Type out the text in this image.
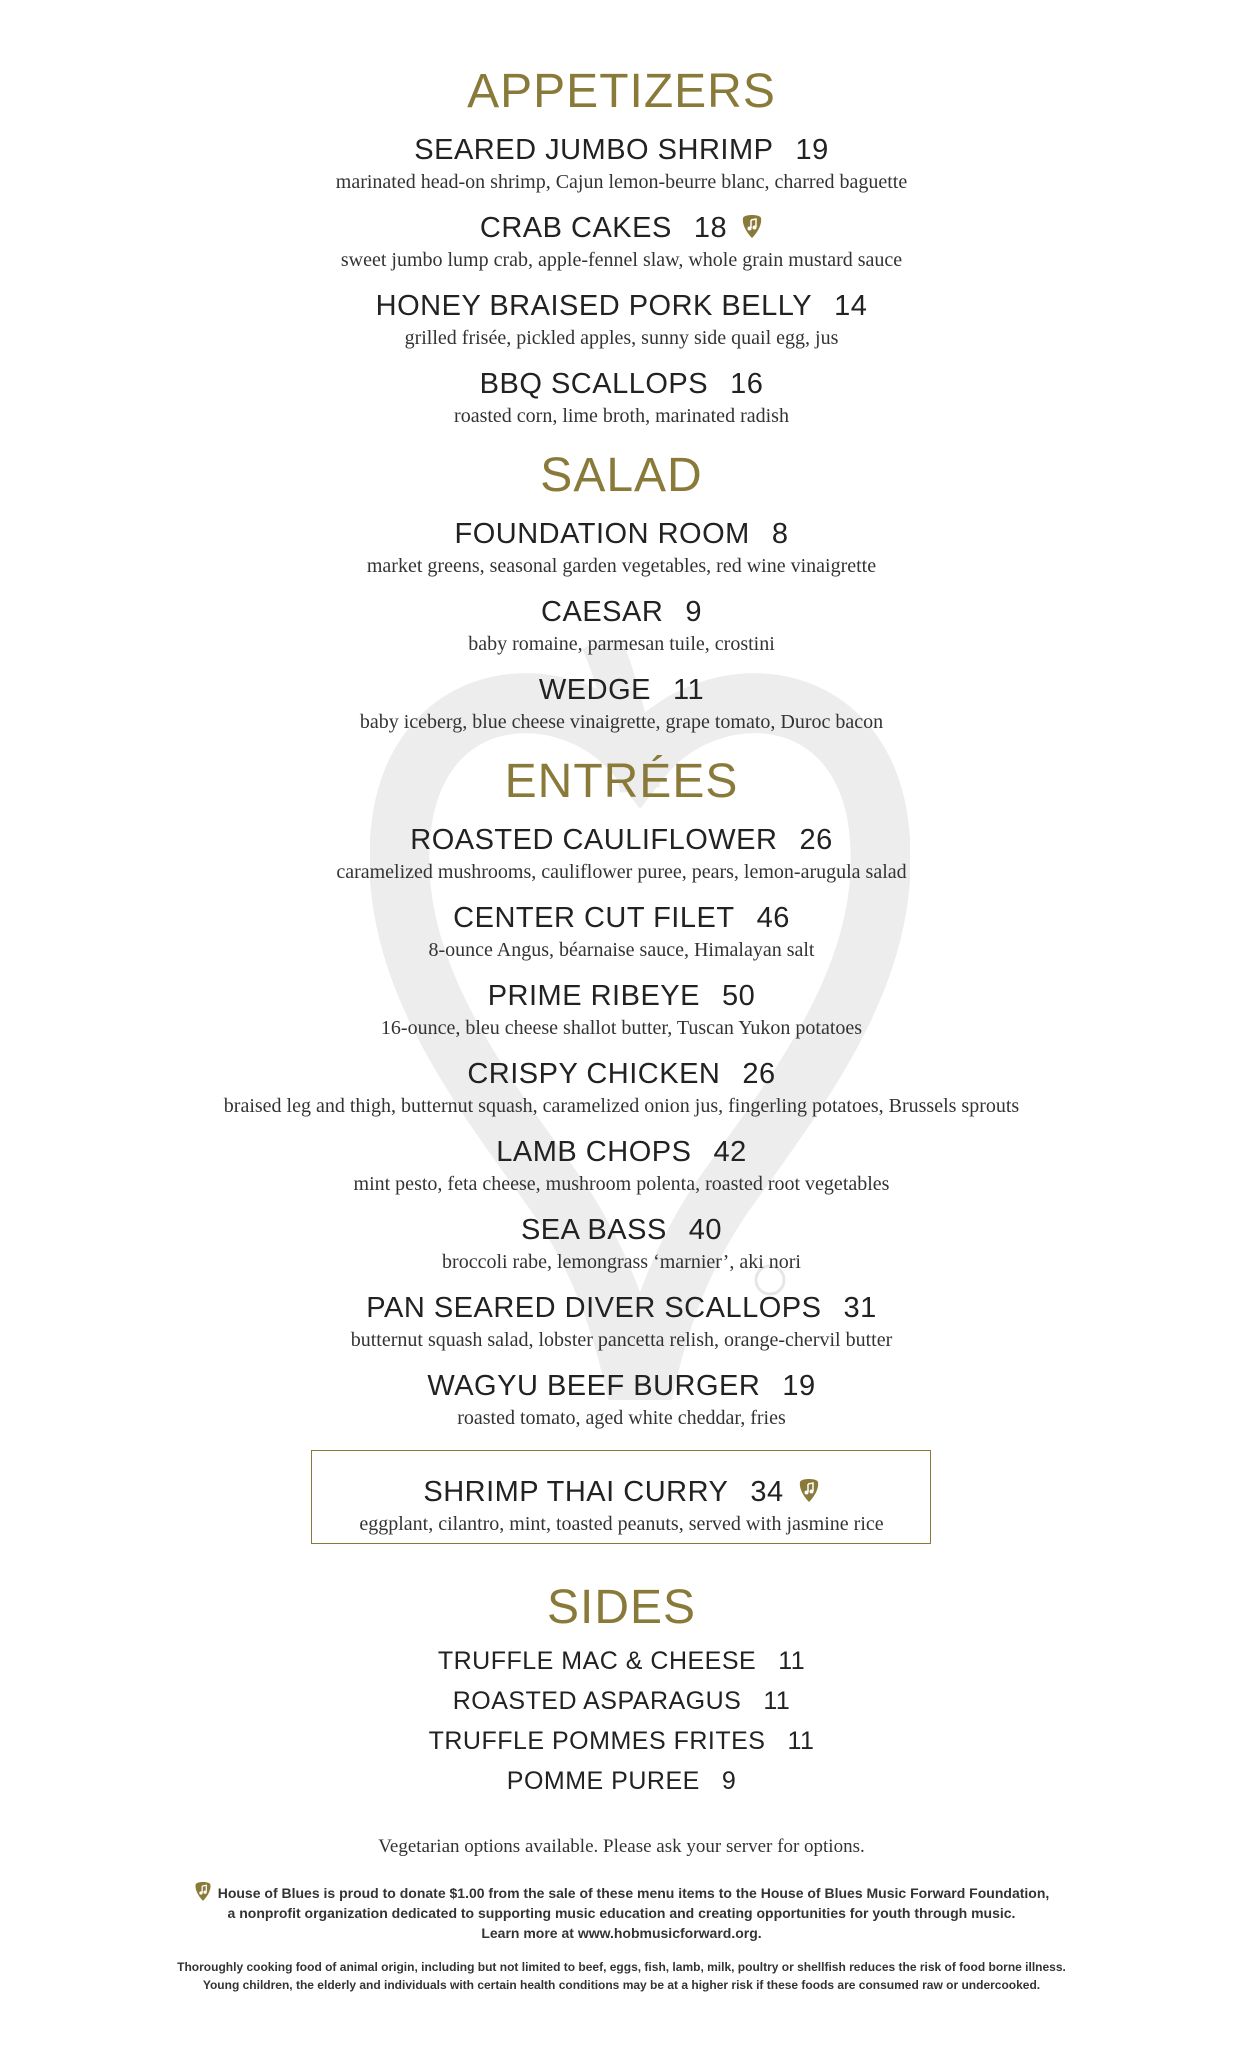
APPETIZERS
SEARED JUMBO SHRIMP 19
marinated head-on shrimp, Cajun lemon-beurre blanc, charred baguette
CRAB CAKES 18
sweet jumbo lump crab, apple-fennel slaw, whole grain mustard sauce
HONEY BRAISED PORK BELLY 14
grilled frisée, pickled apples, sunny side quail egg, jus
BBQ SCALLOPS 16
roasted corn, lime broth, marinated radish
SALAD
FOUNDATION ROOM 8
market greens, seasonal garden vegetables, red wine vinaigrette
CAESAR 9
baby romaine, parmesan tuile, crostini
WEDGE 11
baby iceberg, blue cheese vinaigrette, grape tomato, Duroc bacon
ENTRÉES
ROASTED CAULIFLOWER 26
caramelized mushrooms, cauliflower puree, pears, lemon-arugula salad
CENTER CUT FILET 46
8-ounce Angus, béarnaise sauce, Himalayan salt
PRIME RIBEYE 50
16-ounce, bleu cheese shallot butter, Tuscan Yukon potatoes
CRISPY CHICKEN 26
braised leg and thigh, butternut squash, caramelized onion jus, fingerling potatoes, Brussels sprouts
LAMB CHOPS 42
mint pesto, feta cheese, mushroom polenta, roasted root vegetables
SEA BASS 40
broccoli rabe, lemongrass ‘marnier’, aki nori
PAN SEARED DIVER SCALLOPS 31
butternut squash salad, lobster pancetta relish, orange-chervil butter
WAGYU BEEF BURGER 19
roasted tomato, aged white cheddar, fries
SHRIMP THAI CURRY 34
eggplant, cilantro, mint, toasted peanuts, served with jasmine rice
SIDES
TRUFFLE MAC & CHEESE 11
ROASTED ASPARAGUS 11
TRUFFLE POMMES FRITES 11
POMME PUREE 9
Vegetarian options available. Please ask your server for options.
House of Blues is proud to donate $1.00 from the sale of these menu items to the House of Blues Music Forward Foundation,
a nonprofit organization dedicated to supporting music education and creating opportunities for youth through music.
Learn more at www.hobmusicforward.org.
Thoroughly cooking food of animal origin, including but not limited to beef, eggs, fish, lamb, milk, poultry or shellfish reduces the risk of food borne illness.
Young children, the elderly and individuals with certain health conditions may be at a higher risk if these foods are consumed raw or undercooked.
